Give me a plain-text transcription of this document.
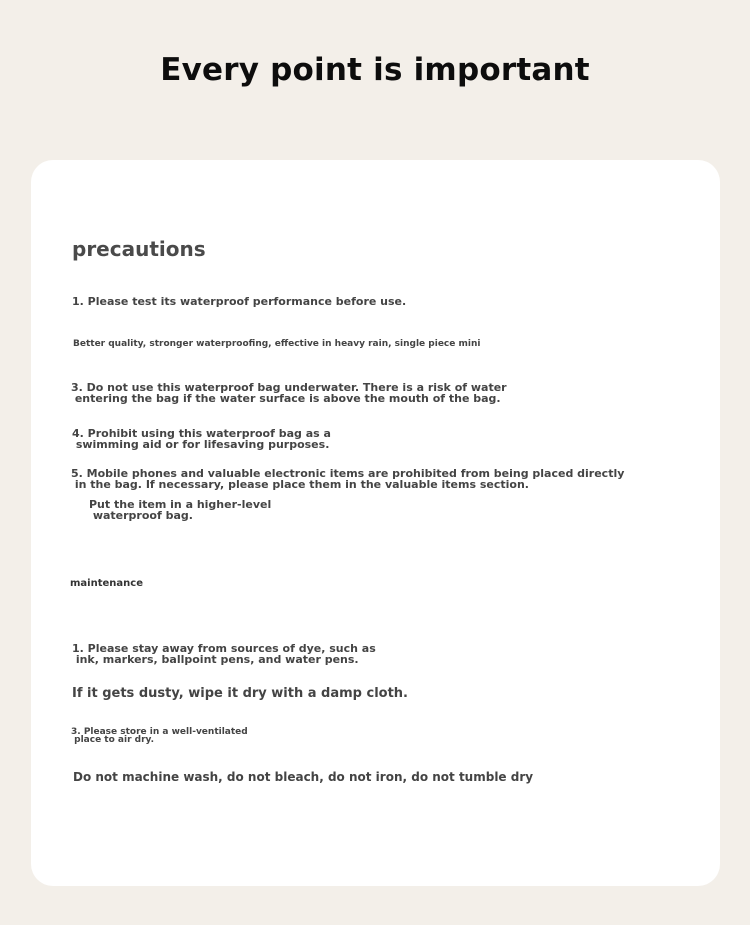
Every point is important
precautions
1. Please test its waterproof performance before use.
Better quality, stronger waterproofing, effective in heavy rain, single piece mini
3. Do not use this waterproof bag underwater. There is a risk of water
entering the bag if the water surface is above the mouth of the bag.
4. Prohibit using this waterproof bag as a
swimming aid or for lifesaving purposes.
5. Mobile phones and valuable electronic items are prohibited from being placed directly
in the bag. If necessary, please place them in the valuable items section.
Put the item in a higher-level
waterproof bag.
maintenance
1. Please stay away from sources of dye, such as
ink, markers, ballpoint pens, and water pens.
If it gets dusty, wipe it dry with a damp cloth.
3. Please store in a well-ventilated
place to air dry.
Do not machine wash, do not bleach, do not iron, do not tumble dry
